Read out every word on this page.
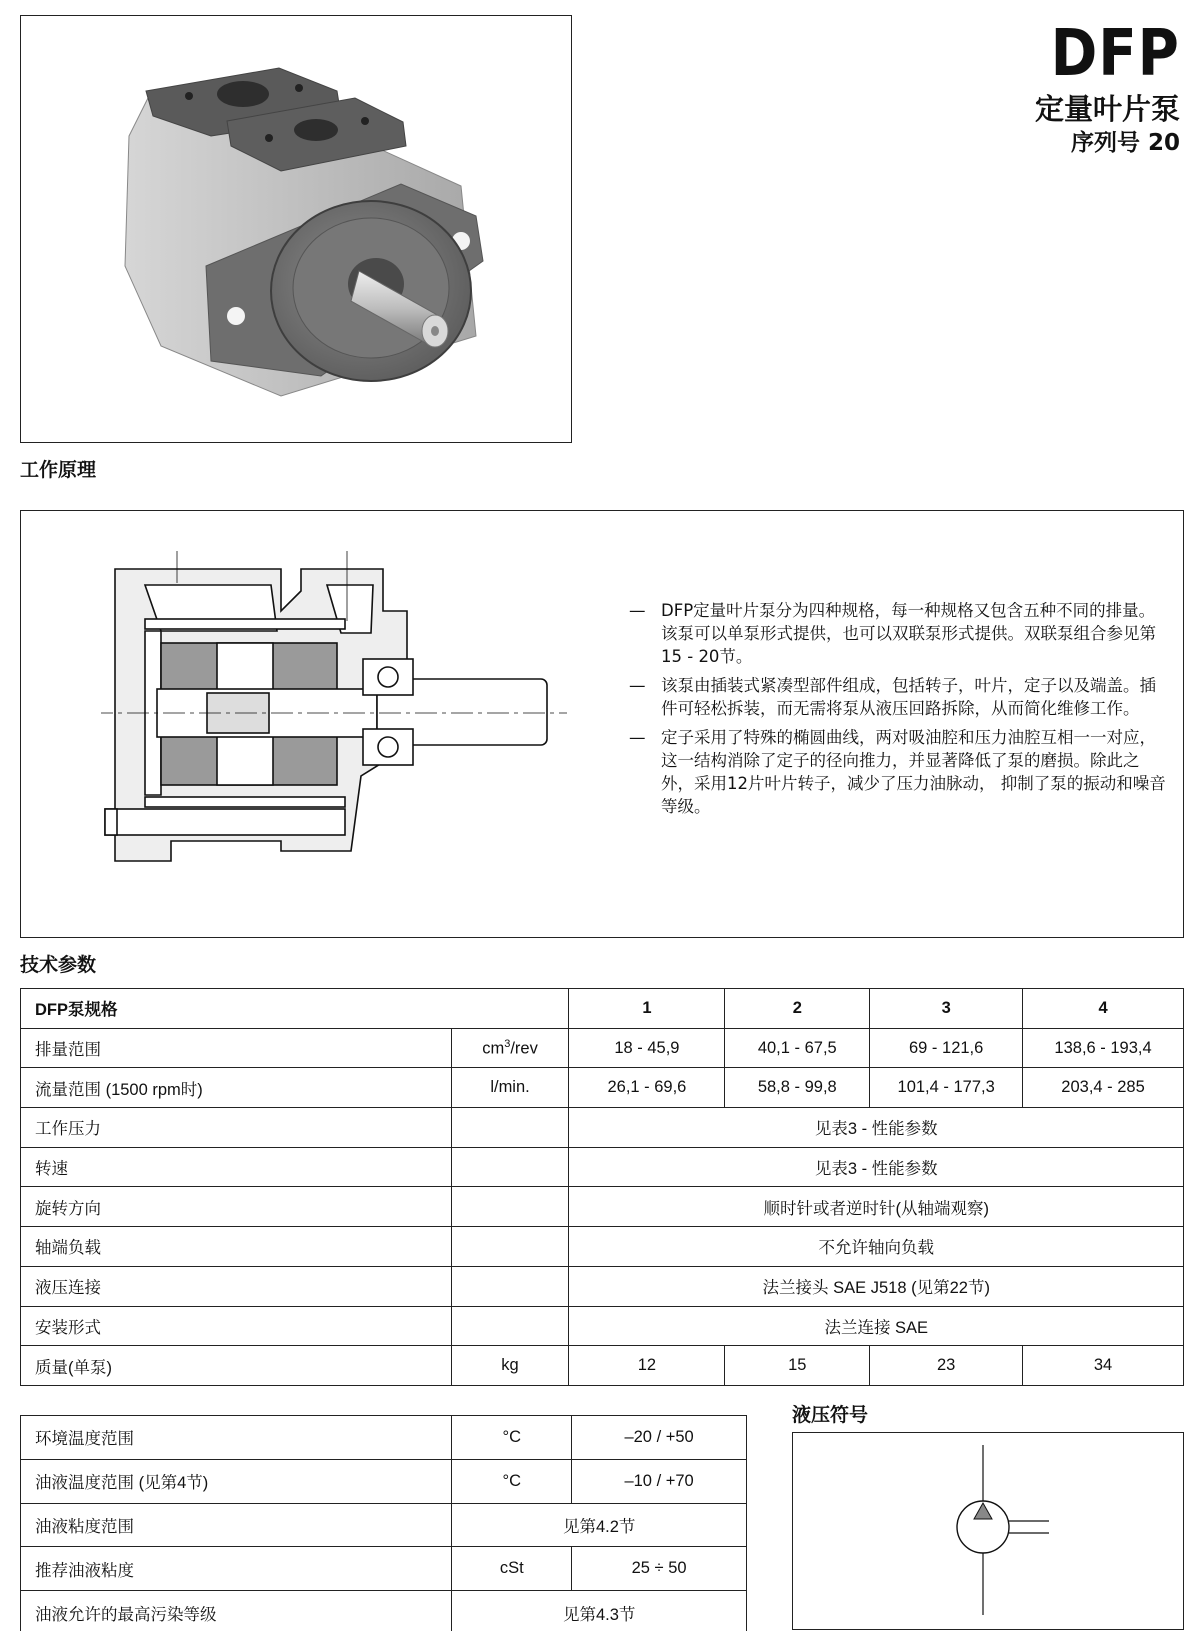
DFP
定量叶片泵
序列号 20
工作原理
— DFP定量叶片泵分为四种规格，每一种规格又包含五种不同的排量。该泵可以单泵形式提供，也可以双联泵形式提供。双联泵组合参见第15 - 20节。
— 该泵由插装式紧凑型部件组成，包括转子，叶片，定子以及端盖。插件可轻松拆装，而无需将泵从液压回路拆除，从而简化维修工作。
— 定子采用了特殊的椭圆曲线，两对吸油腔和压力油腔互相一一对应，这一结构消除了定子的径向推力，并显著降低了泵的磨损。除此之外，采用12片叶片转子，减少了压力油脉动， 抑制了泵的振动和噪音等级。
技术参数
DFP泵规格		1	2	3	4
排量范围	$cm^3$/rev	18 - 45,9	40,1 - 67,5	69 - 121,6	138,6 - 193,4
流量范围 (1500 rpm时)	l/min.	26,1 - 69,6	58,8 - 99,8	101,4 - 177,3	203,4 - 285
工作压力		见表3 - 性能参数			
转速		见表3 - 性能参数			
旋转方向		顺时针或者逆时针(从轴端观察)			
轴端负载		不允许轴向负载			
液压连接		法兰接头 SAE J518 (见第22节)			
安装形式		法兰连接 SAE			
质量(单泵)	kg	12	15	23	34
环境温度范围	°C	–20 / +50
油液温度范围 (见第4节)	°C	–10 / +70
油液粘度范围	见第4.2节	
推荐油液粘度	cSt	25 ÷ 50
油液允许的最高污染等级	见第4.3节	
液压符号
